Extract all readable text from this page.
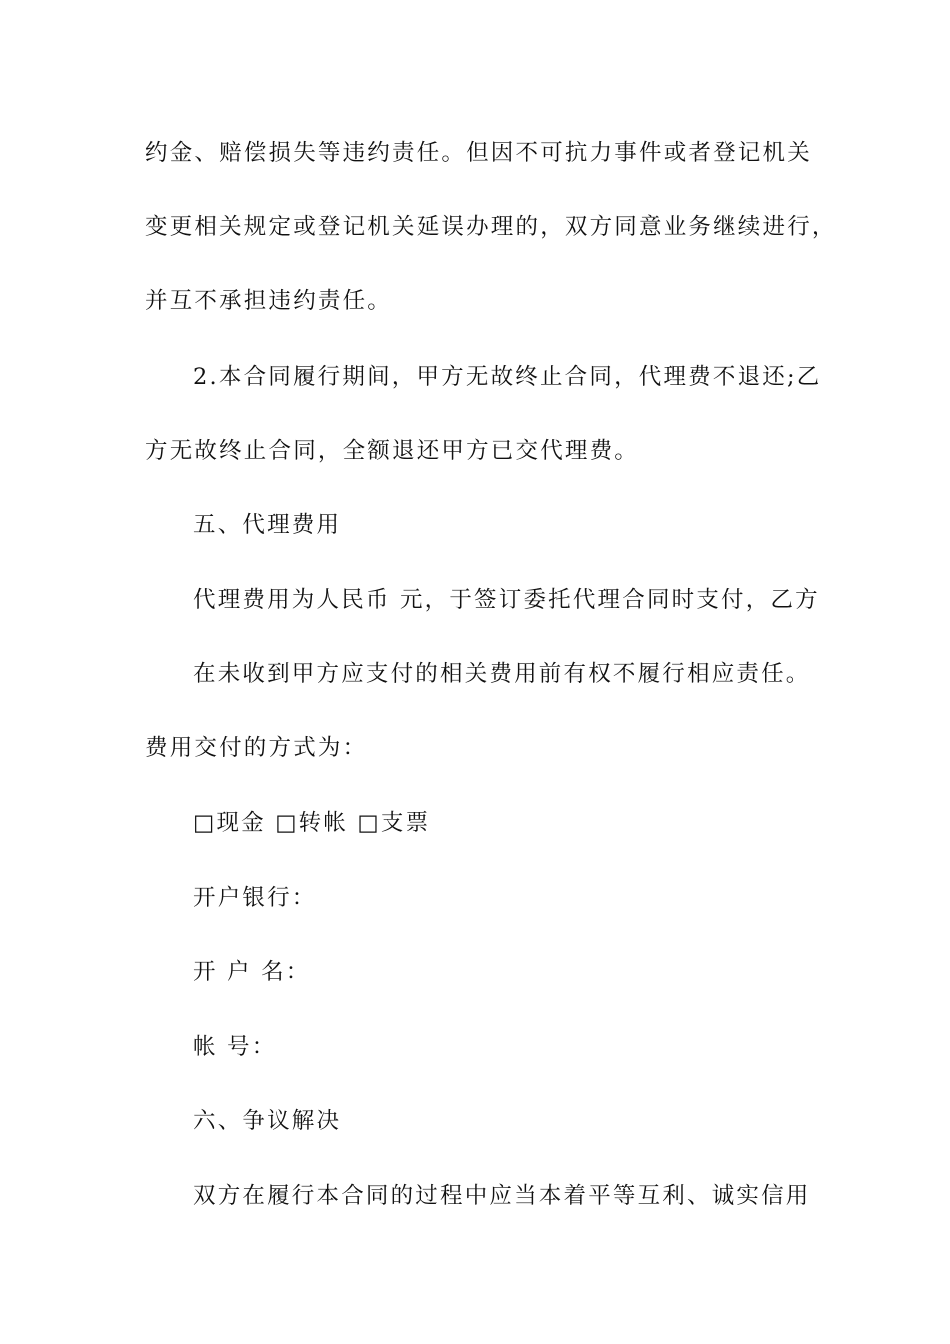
约金、赔偿损失等违约责任。但因不可抗力事件或者登记机关
变更相关规定或登记机关延误办理的，双方同意业务继续进行，
并互不承担违约责任。
2.本合同履行期间，甲方无故终止合同，代理费不退还;乙
方无故终止合同，全额退还甲方已交代理费。
五、代理费用
代理费用为人民币 元，于签订委托代理合同时支付，乙方
在未收到甲方应支付的相关费用前有权不履行相应责任。
费用交付的方式为：
□现金 □转帐 □支票
开户银行：
开 户 名：
帐 号：
六、争议解决
双方在履行本合同的过程中应当本着平等互利、诚实信用
